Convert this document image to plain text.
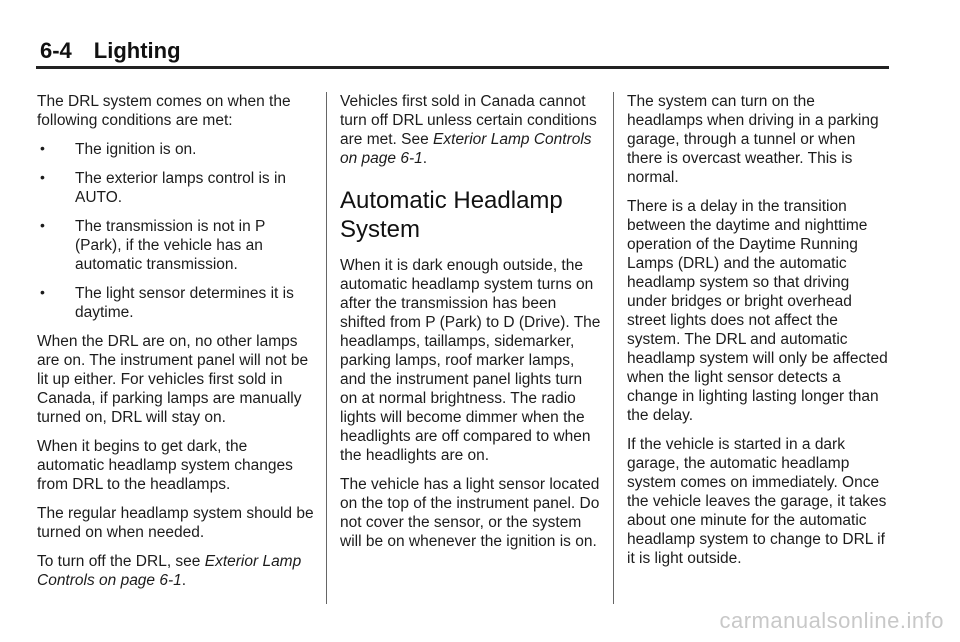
6-4 Lighting

The DRL system comes on when the following conditions are met:

• The ignition is on.
• The exterior lamps control is in AUTO.
• The transmission is not in P (Park), if the vehicle has an automatic transmission.
• The light sensor determines it is daytime.

When the DRL are on, no other lamps are on. The instrument panel will not be lit up either. For vehicles first sold in Canada, if parking lamps are manually turned on, DRL will stay on.

When it begins to get dark, the automatic headlamp system changes from DRL to the headlamps.

The regular headlamp system should be turned on when needed.

To turn off the DRL, see Exterior Lamp Controls on page 6-1.

Vehicles first sold in Canada cannot turn off DRL unless certain conditions are met. See Exterior Lamp Controls on page 6-1.

Automatic Headlamp System

When it is dark enough outside, the automatic headlamp system turns on after the transmission has been shifted from P (Park) to D (Drive). The headlamps, taillamps, sidemarker, parking lamps, roof marker lamps, and the instrument panel lights turn on at normal brightness. The radio lights will become dimmer when the headlights are off compared to when the headlights are on.

The vehicle has a light sensor located on the top of the instrument panel. Do not cover the sensor, or the system will be on whenever the ignition is on.

The system can turn on the headlamps when driving in a parking garage, through a tunnel or when there is overcast weather. This is normal.

There is a delay in the transition between the daytime and nighttime operation of the Daytime Running Lamps (DRL) and the automatic headlamp system so that driving under bridges or bright overhead street lights does not affect the system. The DRL and automatic headlamp system will only be affected when the light sensor detects a change in lighting lasting longer than the delay.

If the vehicle is started in a dark garage, the automatic headlamp system comes on immediately. Once the vehicle leaves the garage, it takes about one minute for the automatic headlamp system to change to DRL if it is light outside.

carmanualsonline.info
